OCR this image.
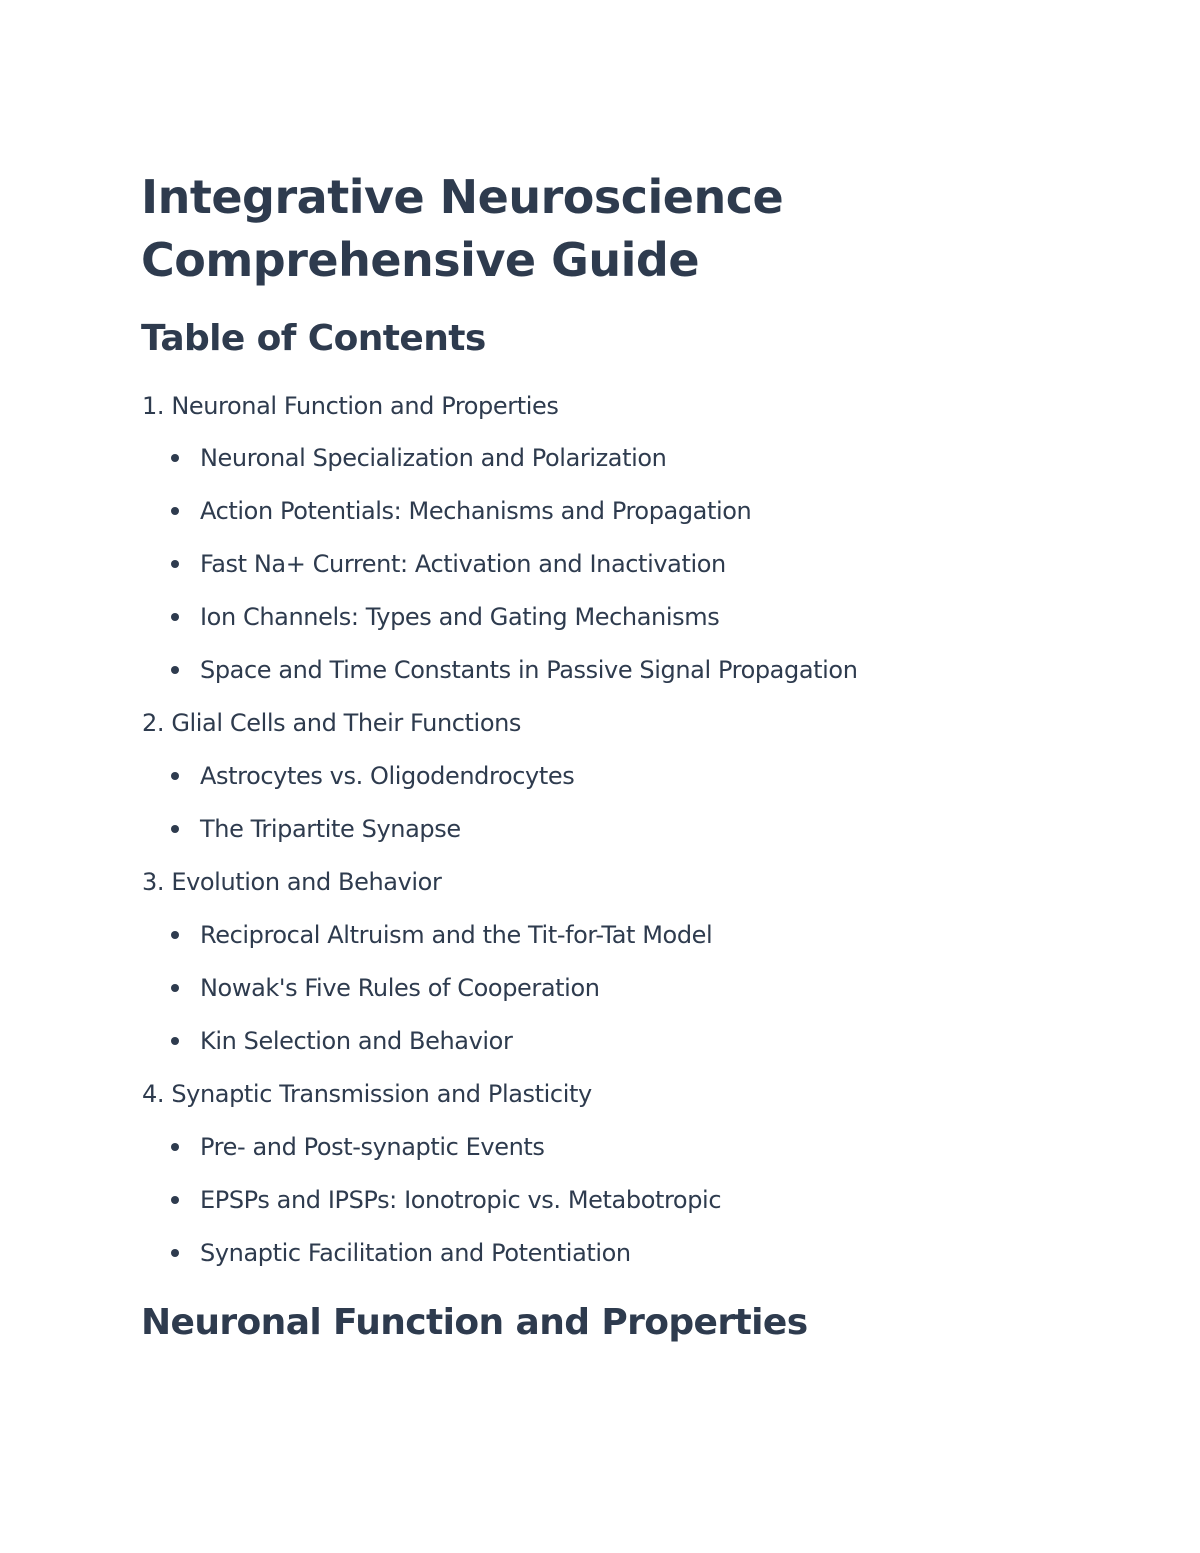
Integrative Neuroscience
Comprehensive Guide
Table of Contents
1. Neuronal Function and Properties
Neuronal Specialization and Polarization
Action Potentials: Mechanisms and Propagation
Fast Na+ Current: Activation and Inactivation
Ion Channels: Types and Gating Mechanisms
Space and Time Constants in Passive Signal Propagation
2. Glial Cells and Their Functions
Astrocytes vs. Oligodendrocytes
The Tripartite Synapse
3. Evolution and Behavior
Reciprocal Altruism and the Tit-for-Tat Model
Nowak's Five Rules of Cooperation
Kin Selection and Behavior
4. Synaptic Transmission and Plasticity
Pre- and Post-synaptic Events
EPSPs and IPSPs: Ionotropic vs. Metabotropic
Synaptic Facilitation and Potentiation
Neuronal Function and Properties
